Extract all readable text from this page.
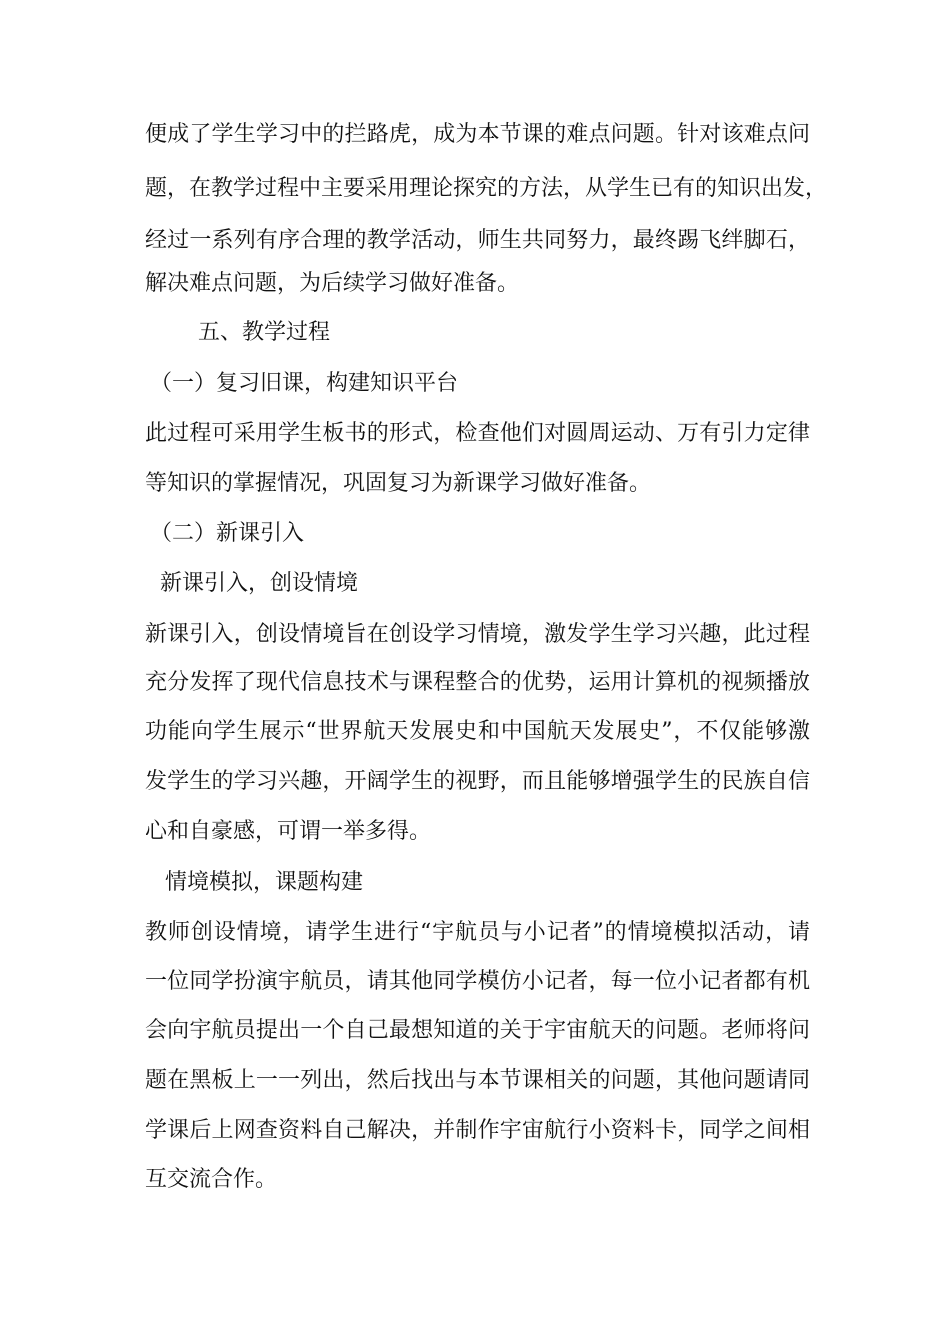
便成了学生学习中的拦路虎，成为本节课的难点问题。针对该难点问
题，在教学过程中主要采用理论探究的方法，从学生已有的知识出发，
经过一系列有序合理的教学活动，师生共同努力，最终踢飞绊脚石，
解决难点问题，为后续学习做好准备。
五、教学过程
（一）复习旧课，构建知识平台
此过程可采用学生板书的形式，检查他们对圆周运动、万有引力定律
等知识的掌握情况，巩固复习为新课学习做好准备。
（二）新课引入
新课引入，创设情境
新课引入，创设情境旨在创设学习情境，激发学生学习兴趣，此过程
充分发挥了现代信息技术与课程整合的优势，运用计算机的视频播放
功能向学生展示“世界航天发展史和中国航天发展史”，不仅能够激
发学生的学习兴趣，开阔学生的视野，而且能够增强学生的民族自信
心和自豪感，可谓一举多得。
情境模拟，课题构建
教师创设情境，请学生进行“宇航员与小记者”的情境模拟活动，请
一位同学扮演宇航员，请其他同学模仿小记者，每一位小记者都有机
会向宇航员提出一个自己最想知道的关于宇宙航天的问题。老师将问
题在黑板上一一列出，然后找出与本节课相关的问题，其他问题请同
学课后上网查资料自己解决，并制作宇宙航行小资料卡，同学之间相
互交流合作。
